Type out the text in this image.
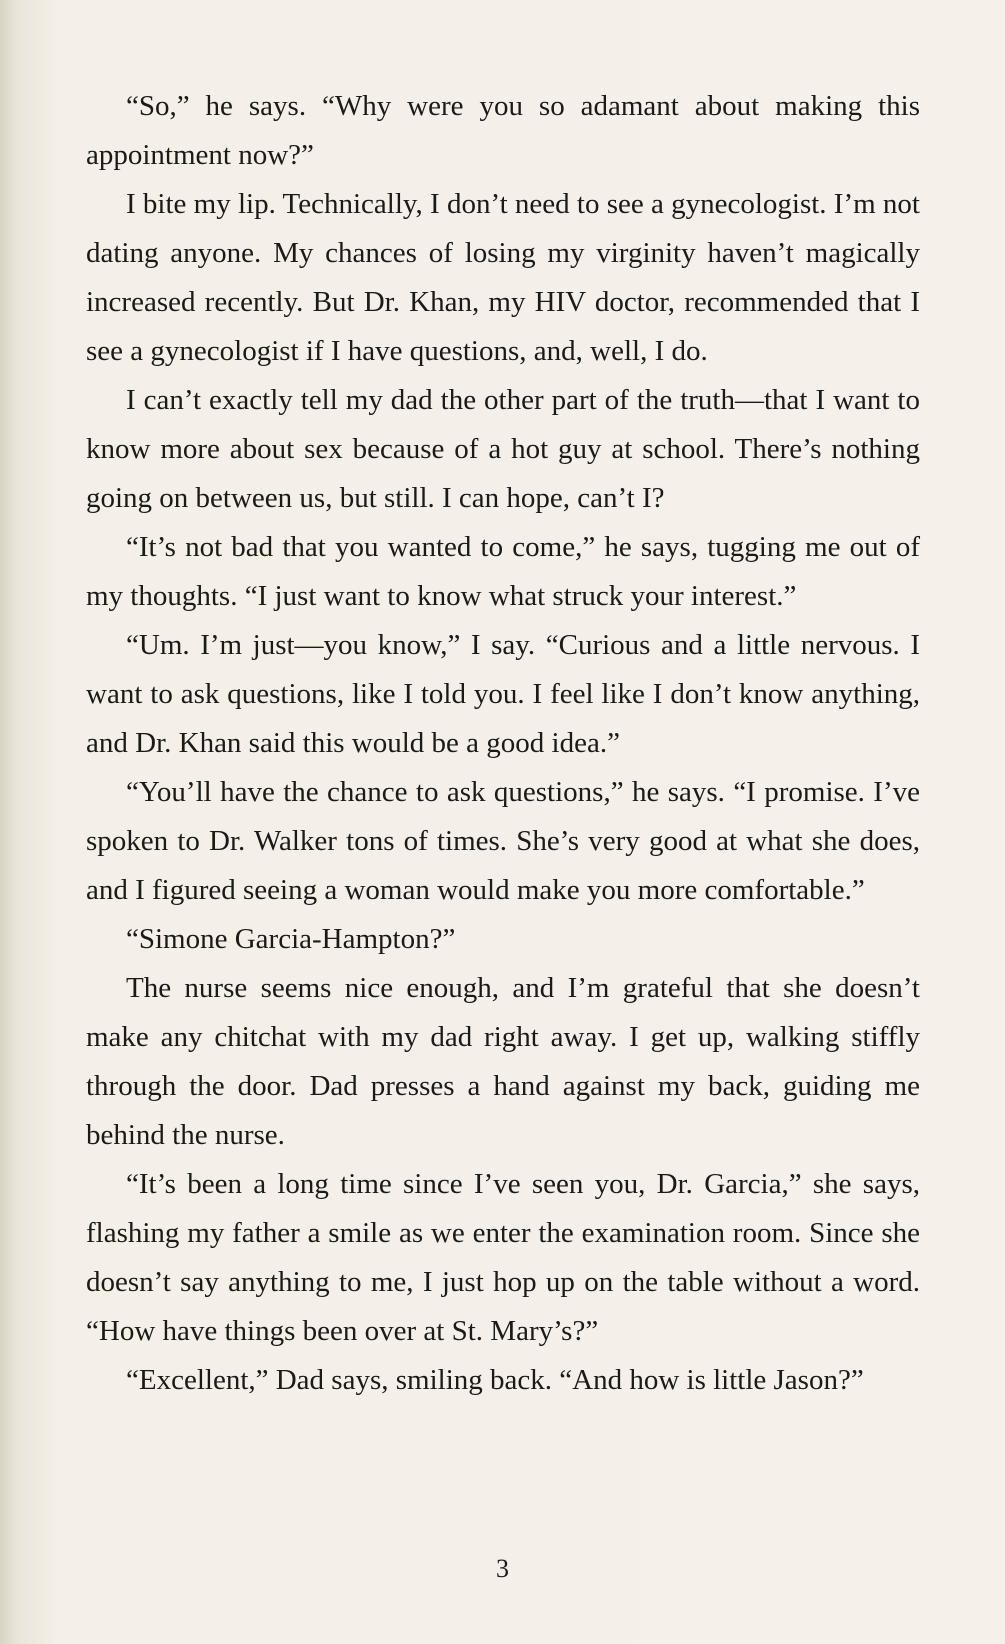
“So,” he says. “Why were you so adamant about making this appointment now?”

I bite my lip. Technically, I don’t need to see a gynecologist. I’m not dating anyone. My chances of losing my virginity haven’t magically increased recently. But Dr. Khan, my HIV doctor, recommended that I see a gynecologist if I have questions, and, well, I do.

I can’t exactly tell my dad the other part of the truth—that I want to know more about sex because of a hot guy at school. There’s nothing going on between us, but still. I can hope, can’t I?

“It’s not bad that you wanted to come,” he says, tugging me out of my thoughts. “I just want to know what struck your interest.”

“Um. I’m just—you know,” I say. “Curious and a little nervous. I want to ask questions, like I told you. I feel like I don’t know anything, and Dr. Khan said this would be a good idea.”

“You’ll have the chance to ask questions,” he says. “I promise. I’ve spoken to Dr. Walker tons of times. She’s very good at what she does, and I figured seeing a woman would make you more comfortable.”

“Simone Garcia-Hampton?”

The nurse seems nice enough, and I’m grateful that she doesn’t make any chitchat with my dad right away. I get up, walking stiffly through the door. Dad presses a hand against my back, guiding me behind the nurse.

“It’s been a long time since I’ve seen you, Dr. Garcia,” she says, flashing my father a smile as we enter the examination room. Since she doesn’t say anything to me, I just hop up on the table without a word. “How have things been over at St. Mary’s?”

“Excellent,” Dad says, smiling back. “And how is little Jason?”

3
